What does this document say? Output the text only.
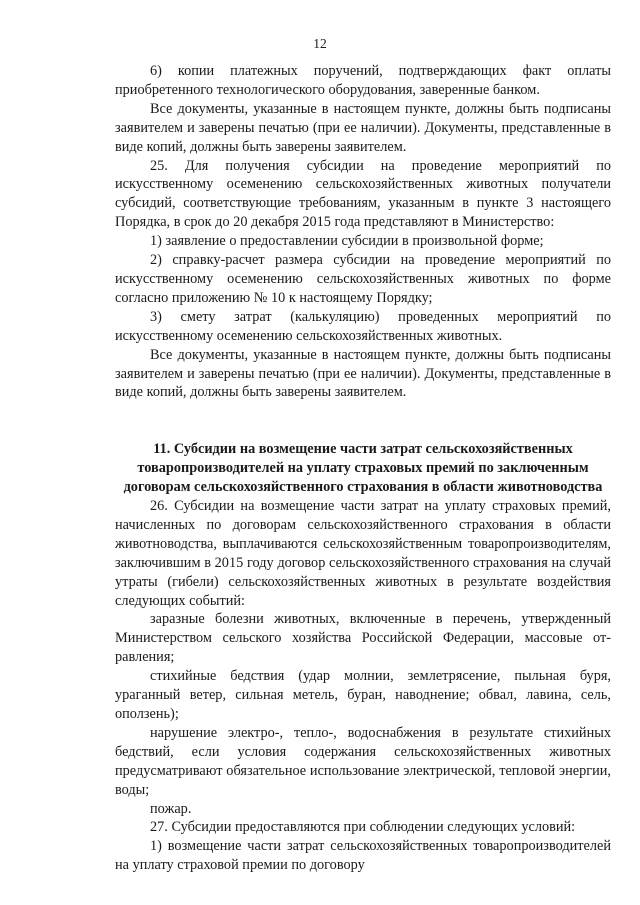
12

6) копии платежных поручений, подтверждающих факт оплаты приобретенного технологического оборудования, заверенные банком.

Все документы, указанные в настоящем пункте, должны быть подписаны заявителем и заверены печатью (при ее наличии). Документы, представленные в виде копий, должны быть заверены заявителем.

25. Для получения субсидии на проведение мероприятий по искусственному осеменению сельскохозяйственных животных получатели субсидий, соответствующие требованиям, указанным в пункте 3 настоящего Порядка, в срок до 20 декабря 2015 года представляют в Министерство:

1) заявление о предоставлении субсидии в произвольной форме;

2) справку-расчет размера субсидии на проведение мероприятий по искусственному осеменению сельскохозяйственных животных по форме согласно приложению № 10 к настоящему Порядку;

3) смету затрат (калькуляцию) проведенных мероприятий по искусственному осеменению сельскохозяйственных животных.

Все документы, указанные в настоящем пункте, должны быть подписаны заявителем и заверены печатью (при ее наличии). Документы, представленные в виде копий, должны быть заверены заявителем.

11. Субсидии на возмещение части затрат сельскохозяйственных товаропроизводителей на уплату страховых премий по заключенным договорам сельскохозяйственного страхования в области животноводства

26. Субсидии на возмещение части затрат на уплату страховых премий, начисленных по договорам сельскохозяйственного страхования в области животноводства, выплачиваются сельскохозяйственным товаропроизводителям, заключившим в 2015 году договор сельскохозяйственного страхования на случай утраты (гибели) сельскохозяйственных животных в результате воздействия следующих событий:

заразные болезни животных, включенные в перечень, утвержденный Министерством сельского хозяйства Российской Федерации, массовые от-равления;

стихийные бедствия (удар молнии, землетрясение, пыльная буря, ураганный ветер, сильная метель, буран, наводнение; обвал, лавина, сель, оползень);

нарушение электро-, тепло-, водоснабжения в результате стихийных бедствий, если условия содержания сельскохозяйственных животных предусматривают обязательное использование электрической, тепловой энергии, воды;

пожар.

27. Субсидии предоставляются при соблюдении следующих условий:

1) возмещение части затрат сельскохозяйственных товаропроизводителей на уплату страховой премии по договору
